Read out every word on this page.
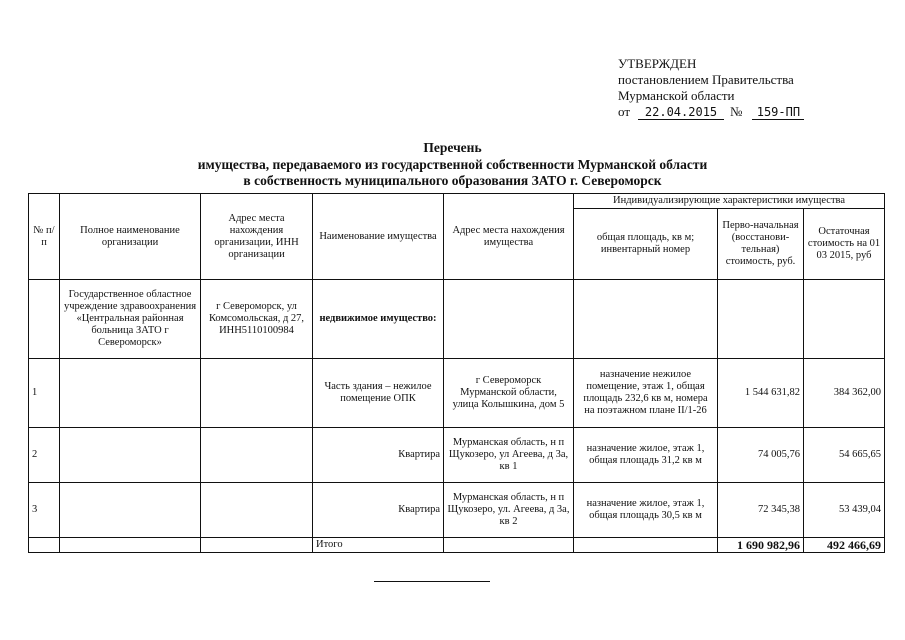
УТВЕРЖДЕН
постановлением Правительства
Мурманской области
от 22.04.2015 № 159-ПП
Перечень
имущества, передаваемого из государственной собственности Мурманской области
в собственность муниципального образования ЗАТО г. Североморск
№ п/п	Полное наименование организации	Адрес места нахождения организации, ИНН организации	Наименование имущества	Адрес места нахождения имущества	Индивидуализирующие характеристики имущества		
					общая площадь, кв м; инвентарный номер	Перво-начальная (восстанови-тельная) стоимость, руб.	Остаточная стоимость на 01 03 2015, руб
	Государственное областное учреждение здравоохранения «Центральная районная больница ЗАТО г Североморск»	г Североморск, ул Комсомольская, д 27, ИНН5110100984	недвижимое имущество:				
1			Часть здания – нежилое помещение ОПК	г Североморск Мурманской области, улица Колышкина, дом 5	назначение нежилое помещение, этаж 1, общая площадь 232,6 кв м, номера на поэтажном плане II/1-26	1 544 631,82	384 362,00
2			Квартира	Мурманская область, н п Щукозеро, ул Агеева, д 3а, кв 1	назначение жилое, этаж 1, общая площадь 31,2 кв м	74 005,76	54 665,65
3			Квартира	Мурманская область, н п Щукозеро, ул. Агеева, д 3а, кв 2	назначение жилое, этаж 1, общая площадь 30,5 кв м	72 345,38	53 439,04
			Итого			1 690 982,96	492 466,69
